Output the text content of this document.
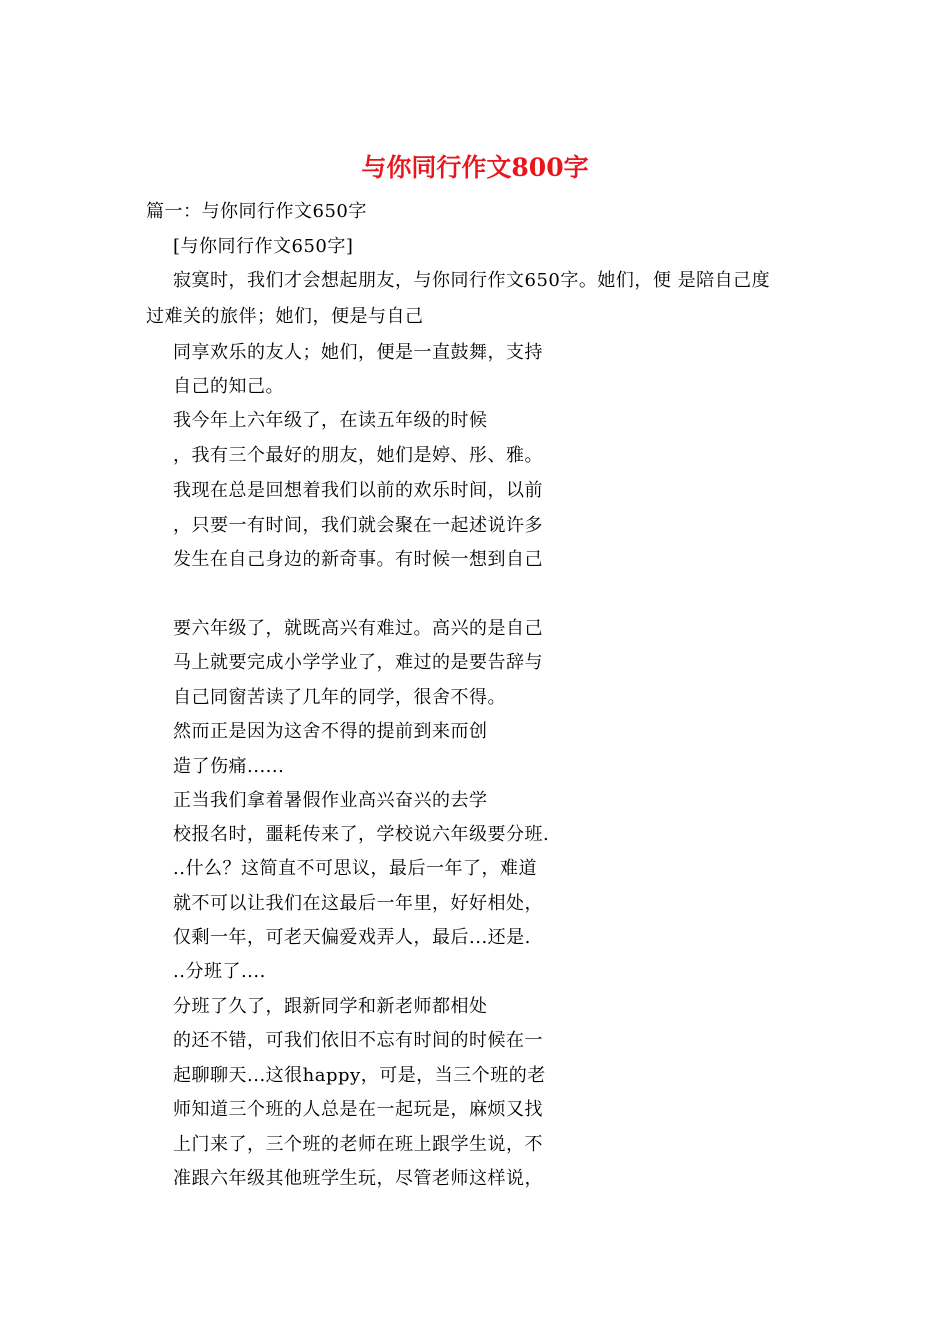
与你同行作文800字
篇一：与你同行作文650字
[与你同行作文650字]
寂寞时，我们才会想起朋友，与你同行作文650字。她们，便 是陪自己度
过难关的旅伴；她们，便是与自己
同享欢乐的友人；她们，便是一直鼓舞，支持
自己的知己。
我今年上六年级了，在读五年级的时候
，我有三个最好的朋友，她们是婷、彤、雅。
我现在总是回想着我们以前的欢乐时间，以前
，只要一有时间，我们就会聚在一起述说许多
发生在自己身边的新奇事。有时候一想到自己
要六年级了，就既高兴有难过。高兴的是自己
马上就要完成小学学业了，难过的是要告辞与
自己同窗苦读了几年的同学，很舍不得。
然而正是因为这舍不得的提前到来而创
造了伤痛......
正当我们拿着暑假作业高兴奋兴的去学
校报名时，噩耗传来了，学校说六年级要分班.
..什么？这简直不可思议，最后一年了，难道
就不可以让我们在这最后一年里，好好相处，
仅剩一年，可老天偏爱戏弄人，最后...还是.
..分班了....
分班了久了，跟新同学和新老师都相处
的还不错，可我们依旧不忘有时间的时候在一
起聊聊天...这很happy，可是，当三个班的老
师知道三个班的人总是在一起玩是，麻烦又找
上门来了，三个班的老师在班上跟学生说，不
准跟六年级其他班学生玩，尽管老师这样说，
